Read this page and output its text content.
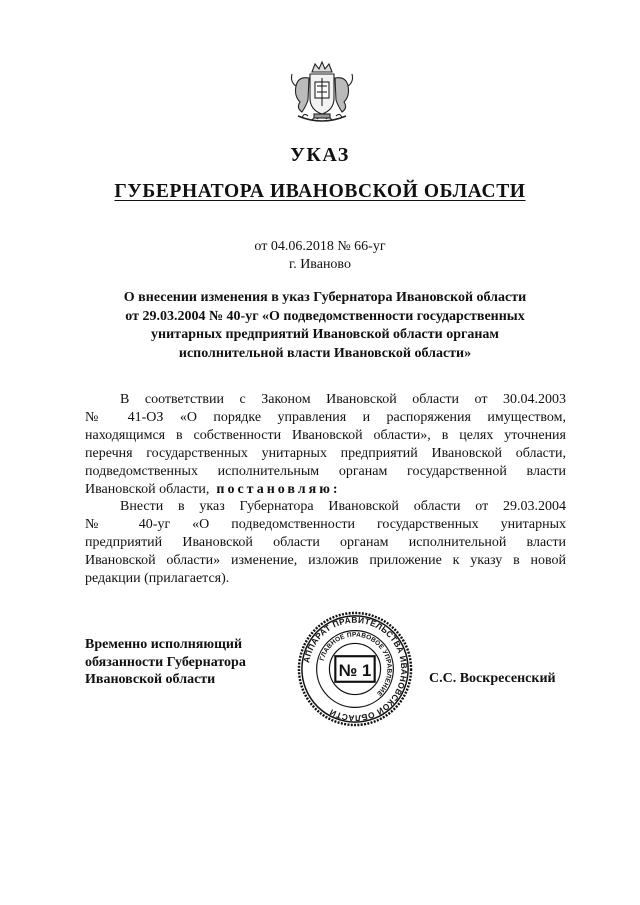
УКАЗ
ГУБЕРНАТОРА ИВАНОВСКОЙ ОБЛАСТИ
от 04.06.2018 № 66-уг
г. Иваново
О внесении изменения в указ Губернатора Ивановской области
от 29.03.2004 № 40-уг «О подведомственности государственных
унитарных предприятий Ивановской области органам
исполнительной власти Ивановской области»
В соответствии с Законом Ивановской области от 30.04.2003
№ 41-ОЗ «О порядке управления и распоряжения имуществом,
находящимся в собственности Ивановской области», в целях уточнения
перечня государственных унитарных предприятий Ивановской области,
подведомственных исполнительным органам государственной власти
Ивановской области, постановляю:
Внести в указ Губернатора Ивановской области от 29.03.2004
№ 40-уг «О подведомственности государственных унитарных
предприятий Ивановской области органам исполнительной власти
Ивановской области» изменение, изложив приложение к указу в новой
редакции (прилагается).
Временно исполняющий
обязанности Губернатора
Ивановской области
АППАРАТ ПРАВИТЕЛЬСТВА ИВАНОВСКОЙ ОБЛАСТИ
ГЛАВНОЕ ПРАВОВОЕ УПРАВЛЕНИЕ
№ 1	С.С. Воскресенский
